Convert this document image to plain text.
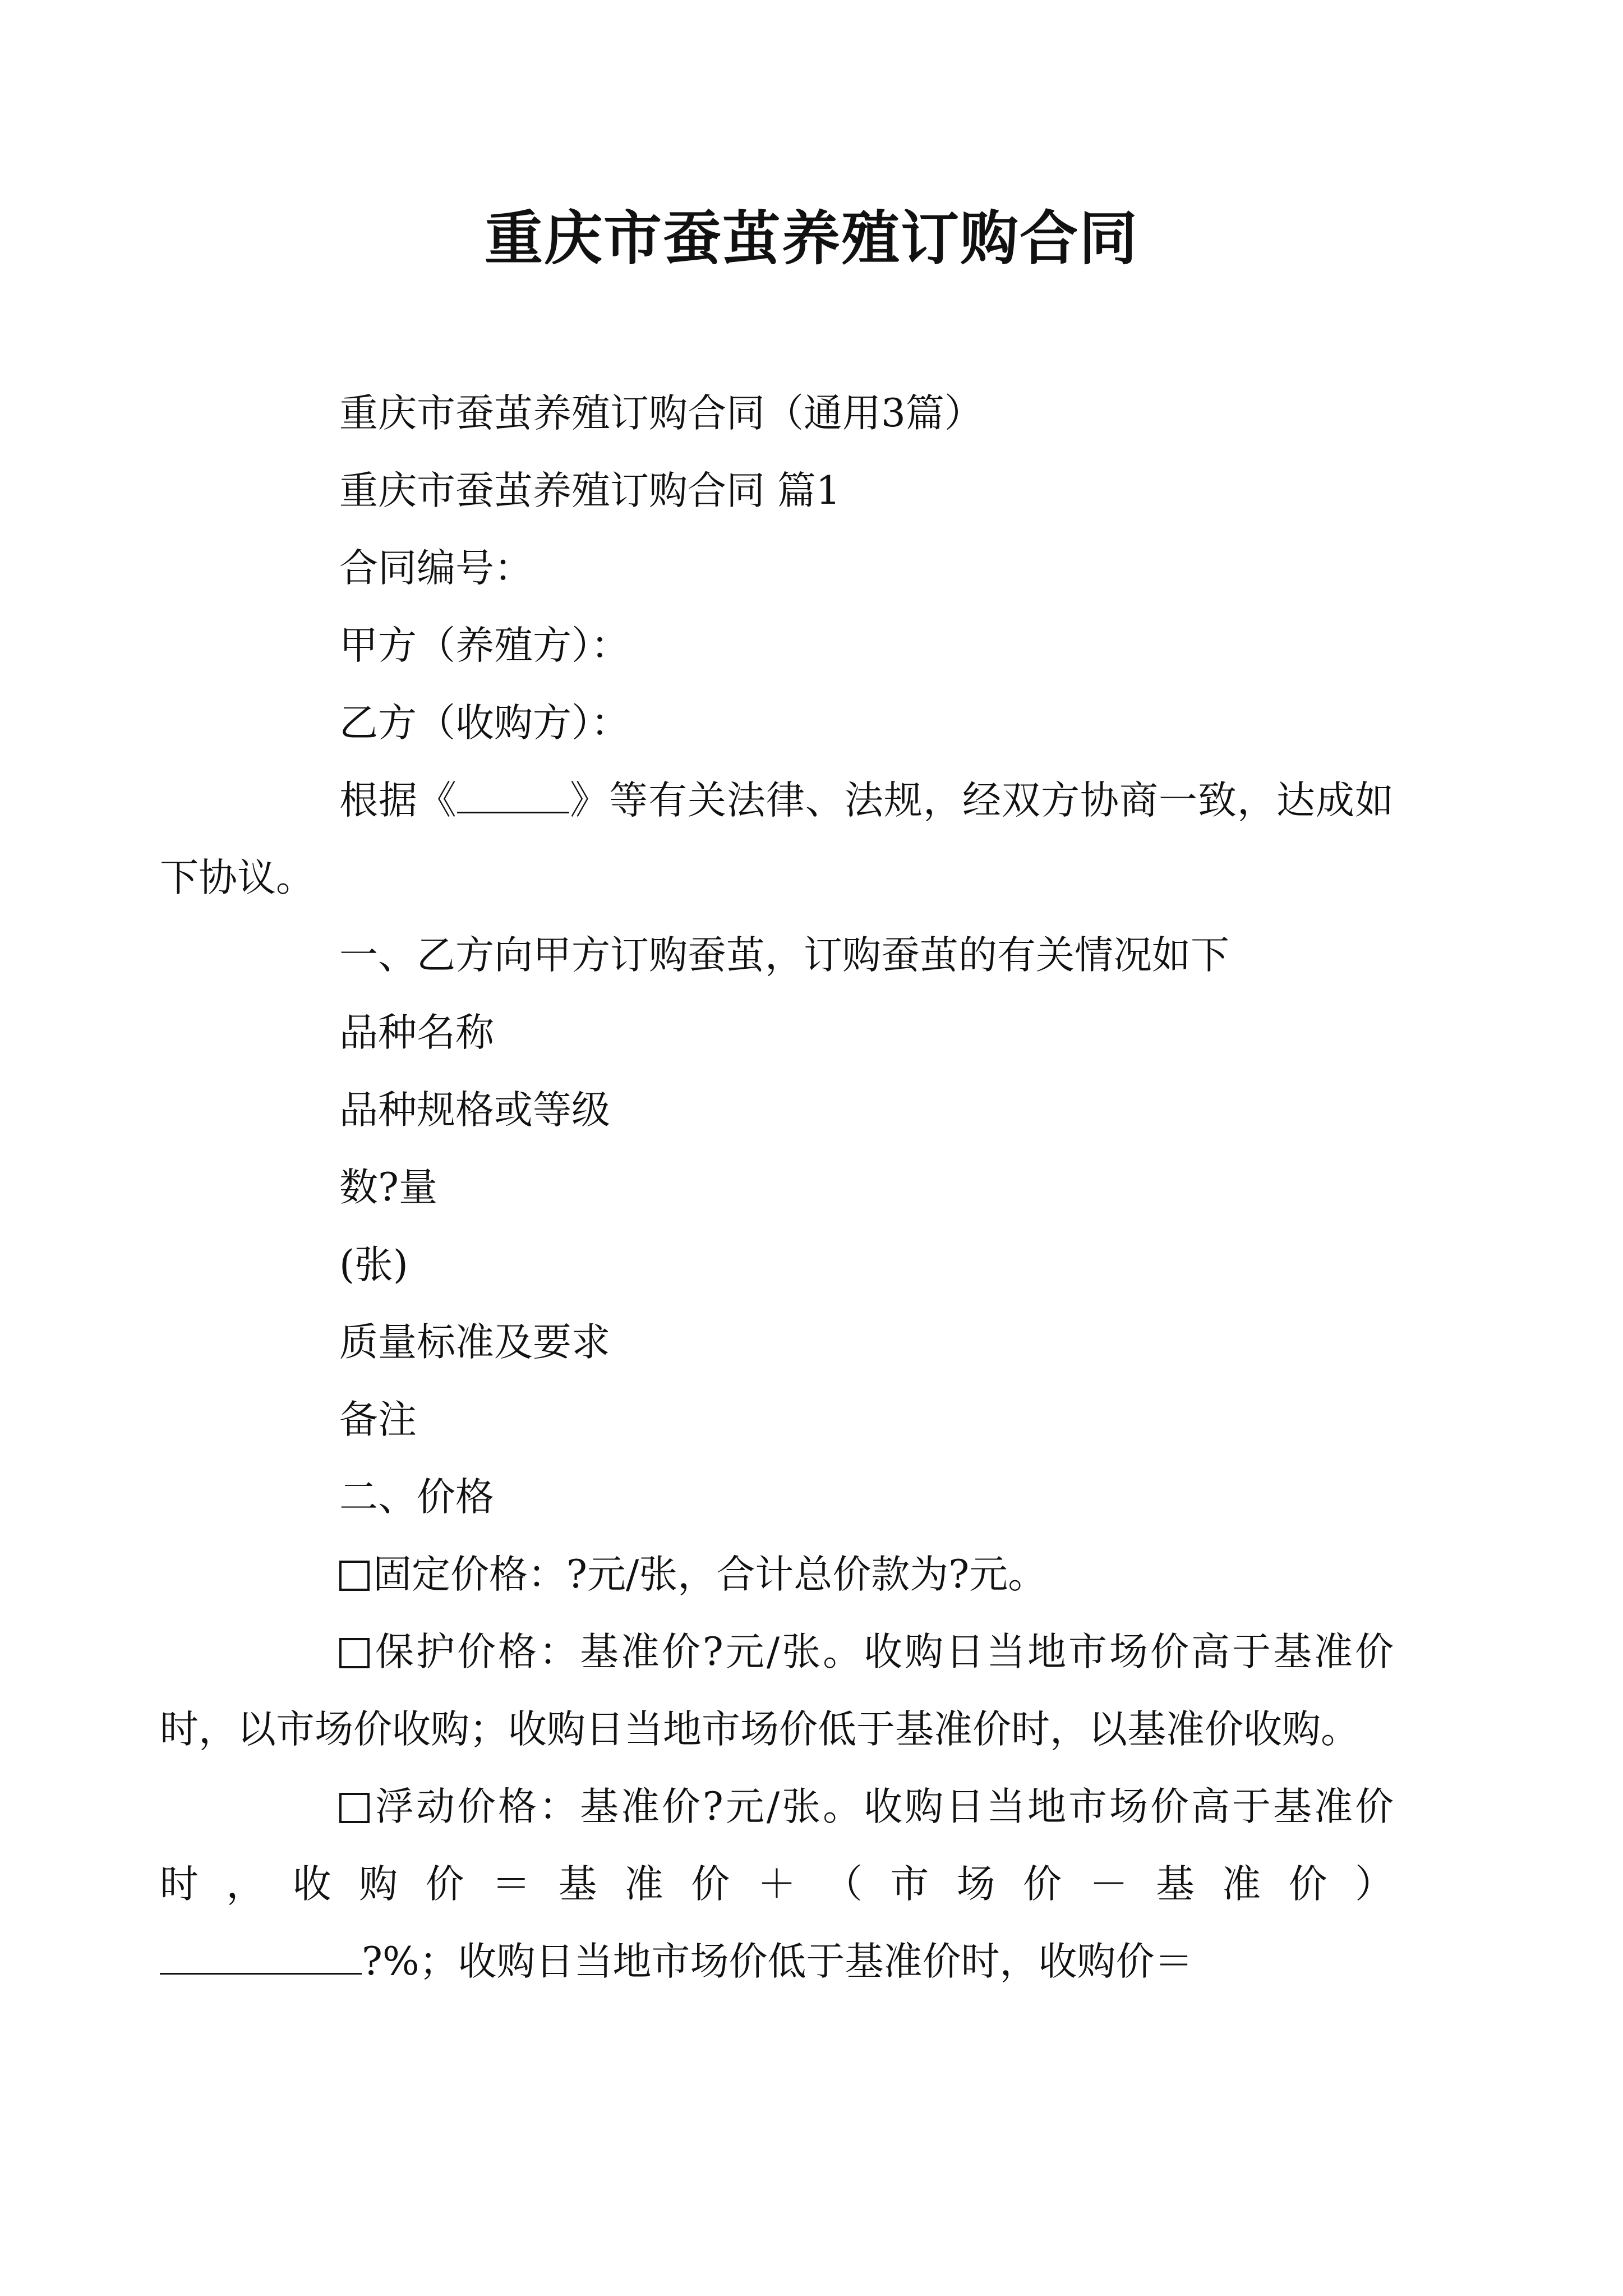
重庆市蚕茧养殖订购合同

重庆市蚕茧养殖订购合同（通用3篇）

重庆市蚕茧养殖订购合同 篇1

合同编号：

甲方（养殖方）：

乙方（收购方）：

根据《	》等有关法律、法规，经双方协商一致，达成如下协议。

一、乙方向甲方订购蚕茧，订购蚕茧的有关情况如下

品种名称

品种规格或等级

数?量

(张)

质量标准及要求

备注

二、价格

固定价格：?元/张，合计总价款为?元。

保护价格：基准价?元/张。收购日当地市场价高于基准价时，以市场价收购；收购日当地市场价低于基准价时，以基准价收购。

浮动价格：基准价?元/张。收购日当地市场价高于基准价时，收购价＝基准价＋（市场价－基准价）

?%；收购日当地市场价低于基准价时，收购价＝
